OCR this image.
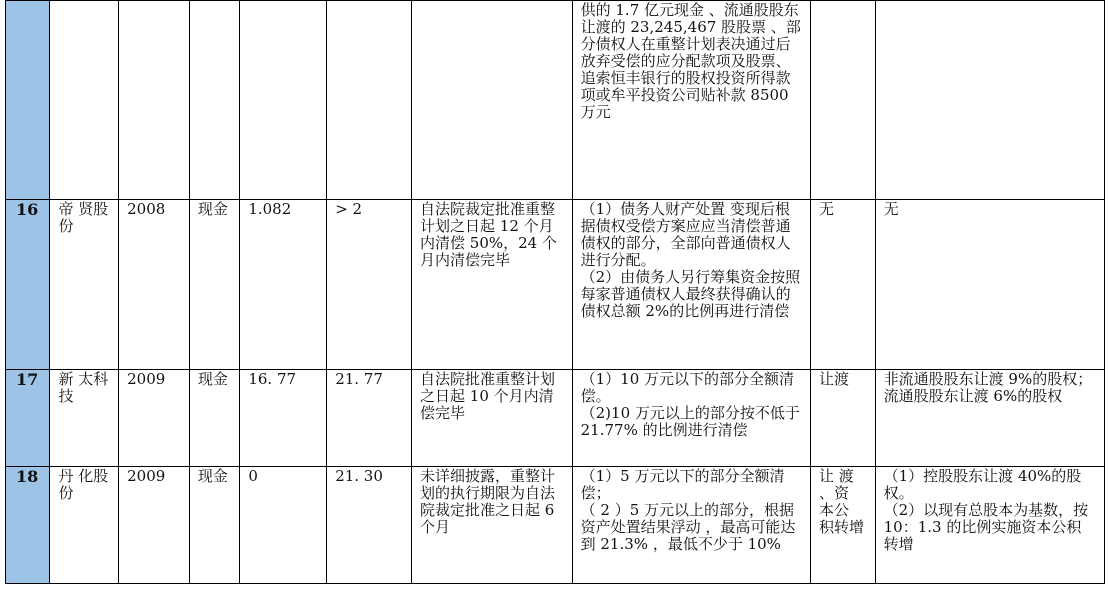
							供的 1.7 亿元现金 、流通股股东让渡的 23,245,467 股股票 、部分债权人在重整计划表决通过后放弃受偿的应分配款项及股票、追索恒丰银行的股权投资所得款项或牟平投资公司贴补款 8500 万元		

16	帝 贤股份	2008	现金	1.082	> 2	自法院裁定批准重整计划之日起 12 个月内清偿 50%，24 个月内清偿完毕	（1）债务人财产处置 变现后根据债权受偿方案应应当清偿普通债权的部分，全部向普通债权人进行分配。
（2）由债务人另行筹集资金按照每家普通债权人最终获得确认的债权总额 2%的比例再进行清偿	无	无

17	新 太科技	2009	现金	16. 77	21. 77	自法院批准重整计划之日起 10 个月内清偿完毕	（1）10 万元以下的部分全额清偿。
（2)10 万元以上的部分按不低于 21.77% 的比例进行清偿	让渡	非流通股股东让渡 9%的股权；流通股股东让渡 6%的股权

18	丹 化股份	2009	现金	0	21. 30	未详细披露，重整计划的执行期限为自法院裁定批准之日起 6 个月	（1）5 万元以下的部分全额清偿；
（ 2 ）5 万元以上的部分，根据资产处置结果浮动 ，最高可能达到 21.3% ，最低不少于 10%	让 渡 、资 本公 积转增	（1）控股股东让渡 40%的股权。
（2）以现有总股本为基数，按 10：1.3 的比例实施资本公积转增
